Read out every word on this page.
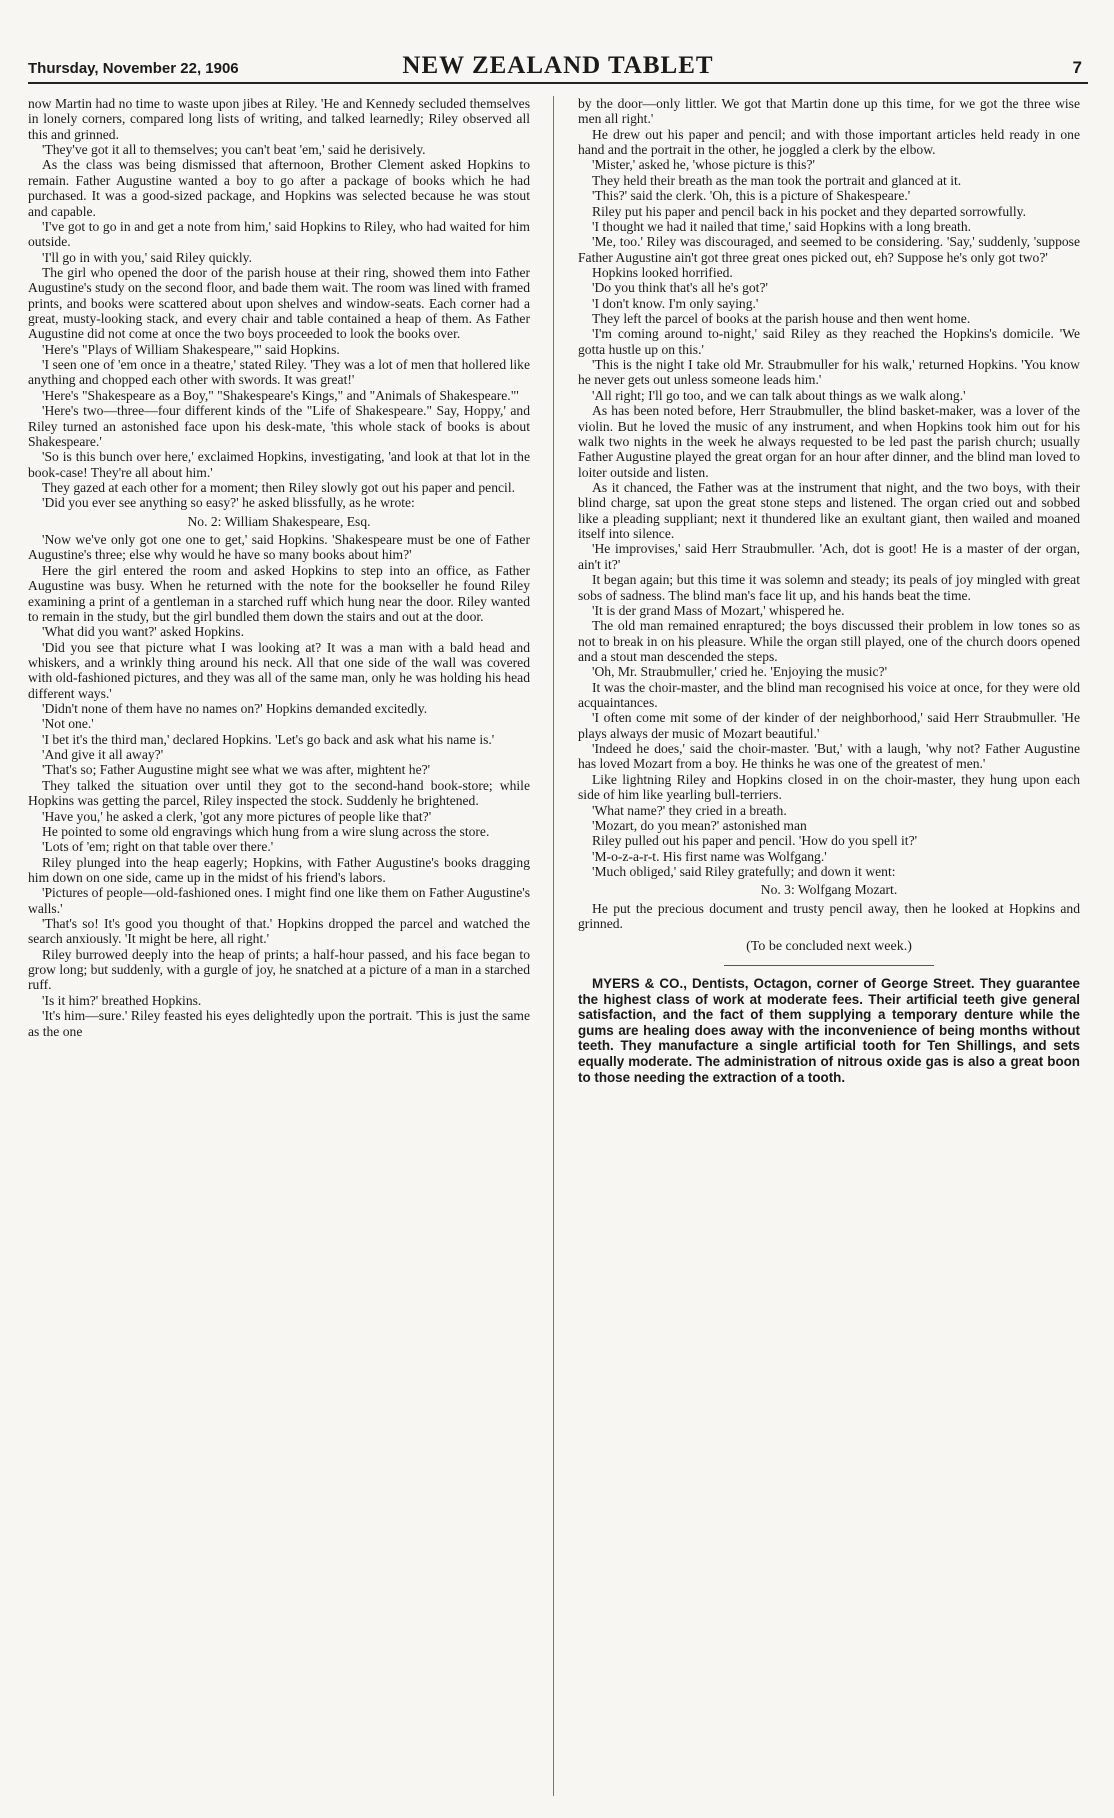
Thursday, November 22, 1906	NEW ZEALAND TABLET	7

now Martin had no time to waste upon jibes at Riley. 'He and Kennedy secluded themselves in lonely corners, compared long lists of writing, and talked learnedly; Riley observed all this and grinned.

'They've got it all to themselves; you can't beat 'em,' said he derisively.

As the class was being dismissed that afternoon, Brother Clement asked Hopkins to remain. Father Augustine wanted a boy to go after a package of books which he had purchased. It was a good-sized package, and Hopkins was selected because he was stout and capable.

'I've got to go in and get a note from him,' said Hopkins to Riley, who had waited for him outside.

'I'll go in with you,' said Riley quickly.

The girl who opened the door of the parish house at their ring, showed them into Father Augustine's study on the second floor, and bade them wait. The room was lined with framed prints, and books were scattered about upon shelves and window-seats. Each corner had a great, musty-looking stack, and every chair and table contained a heap of them. As Father Augustine did not come at once the two boys proceeded to look the books over.

'Here's "Plays of William Shakespeare,"' said Hopkins.

'I seen one of 'em once in a theatre,' stated Riley. 'They was a lot of men that hollered like anything and chopped each other with swords. It was great!'

'Here's "Shakespeare as a Boy," "Shakespeare's Kings," and "Animals of Shakespeare."'

'Here's two—three—four different kinds of the "Life of Shakespeare." Say, Hoppy,' and Riley turned an astonished face upon his desk-mate, 'this whole stack of books is about Shakespeare.'

'So is this bunch over here,' exclaimed Hopkins, investigating, 'and look at that lot in the book-case! They're all about him.'

They gazed at each other for a moment; then Riley slowly got out his paper and pencil.

'Did you ever see anything so easy?' he asked blissfully, as he wrote:

No. 2: William Shakespeare, Esq.

'Now we've only got one one to get,' said Hopkins. 'Shakespeare must be one of Father Augustine's three; else why would he have so many books about him?'

Here the girl entered the room and asked Hopkins to step into an office, as Father Augustine was busy. When he returned with the note for the bookseller he found Riley examining a print of a gentleman in a starched ruff which hung near the door. Riley wanted to remain in the study, but the girl bundled them down the stairs and out at the door.

'What did you want?' asked Hopkins.

'Did you see that picture what I was looking at? It was a man with a bald head and whiskers, and a wrinkly thing around his neck. All that one side of the wall was covered with old-fashioned pictures, and they was all of the same man, only he was holding his head different ways.'

'Didn't none of them have no names on?' Hopkins demanded excitedly.

'Not one.'

'I bet it's the third man,' declared Hopkins. 'Let's go back and ask what his name is.'

'And give it all away?'

'That's so; Father Augustine might see what we was after, mightent he?'

They talked the situation over until they got to the second-hand book-store; while Hopkins was getting the parcel, Riley inspected the stock. Suddenly he brightened.

'Have you,' he asked a clerk, 'got any more pictures of people like that?'

He pointed to some old engravings which hung from a wire slung across the store.

'Lots of 'em; right on that table over there.'

Riley plunged into the heap eagerly; Hopkins, with Father Augustine's books dragging him down on one side, came up in the midst of his friend's labors.

'Pictures of people—old-fashioned ones. I might find one like them on Father Augustine's walls.'

'That's so! It's good you thought of that.' Hopkins dropped the parcel and watched the search anxiously. 'It might be here, all right.'

Riley burrowed deeply into the heap of prints; a half-hour passed, and his face began to grow long; but suddenly, with a gurgle of joy, he snatched at a picture of a man in a starched ruff.

'Is it him?' breathed Hopkins.

'It's him—sure.' Riley feasted his eyes delightedly upon the portrait. 'This is just the same as the one

by the door—only littler. We got that Martin done up this time, for we got the three wise men all right.'

He drew out his paper and pencil; and with those important articles held ready in one hand and the portrait in the other, he joggled a clerk by the elbow.

'Mister,' asked he, 'whose picture is this?'

They held their breath as the man took the portrait and glanced at it.

'This?' said the clerk. 'Oh, this is a picture of Shakespeare.'

Riley put his paper and pencil back in his pocket and they departed sorrowfully.

'I thought we had it nailed that time,' said Hopkins with a long breath.

'Me, too.' Riley was discouraged, and seemed to be considering. 'Say,' suddenly, 'suppose Father Augustine ain't got three great ones picked out, eh? Suppose he's only got two?'

Hopkins looked horrified.

'Do you think that's all he's got?'

'I don't know. I'm only saying.'

They left the parcel of books at the parish house and then went home.

'I'm coming around to-night,' said Riley as they reached the Hopkins's domicile. 'We gotta hustle up on this.'

'This is the night I take old Mr. Straubmuller for his walk,' returned Hopkins. 'You know he never gets out unless someone leads him.'

'All right; I'll go too, and we can talk about things as we walk along.'

As has been noted before, Herr Straubmuller, the blind basket-maker, was a lover of the violin. But he loved the music of any instrument, and when Hopkins took him out for his walk two nights in the week he always requested to be led past the parish church; usually Father Augustine played the great organ for an hour after dinner, and the blind man loved to loiter outside and listen.

As it chanced, the Father was at the instrument that night, and the two boys, with their blind charge, sat upon the great stone steps and listened. The organ cried out and sobbed like a pleading suppliant; next it thundered like an exultant giant, then wailed and moaned itself into silence.

'He improvises,' said Herr Straubmuller. 'Ach, dot is goot! He is a master of der organ, ain't it?'

It began again; but this time it was solemn and steady; its peals of joy mingled with great sobs of sadness. The blind man's face lit up, and his hands beat the time.

'It is der grand Mass of Mozart,' whispered he.

The old man remained enraptured; the boys discussed their problem in low tones so as not to break in on his pleasure. While the organ still played, one of the church doors opened and a stout man descended the steps.

'Oh, Mr. Straubmuller,' cried he. 'Enjoying the music?'

It was the choir-master, and the blind man recognised his voice at once, for they were old acquaintances.

'I often come mit some of der kinder of der neighborhood,' said Herr Straubmuller. 'He plays always der music of Mozart beautiful.'

'Indeed he does,' said the choir-master. 'But,' with a laugh, 'why not? Father Augustine has loved Mozart from a boy. He thinks he was one of the greatest of men.'

Like lightning Riley and Hopkins closed in on the choir-master, they hung upon each side of him like yearling bull-terriers.

'What name?' they cried in a breath.

'Mozart, do you mean?' astonished man

Riley pulled out his paper and pencil. 'How do you spell it?'

'M-o-z-a-r-t. His first name was Wolfgang.'

'Much obliged,' said Riley gratefully; and down it went:

No. 3: Wolfgang Mozart.

He put the precious document and trusty pencil away, then he looked at Hopkins and grinned.

(To be concluded next week.)

MYERS & CO., Dentists, Octagon, corner of George Street. They guarantee the highest class of work at moderate fees. Their artificial teeth give general satisfaction, and the fact of them supplying a temporary denture while the gums are healing does away with the inconvenience of being months without teeth. They manufacture a single artificial tooth for Ten Shillings, and sets equally moderate. The administration of nitrous oxide gas is also a great boon to those needing the extraction of a tooth.
